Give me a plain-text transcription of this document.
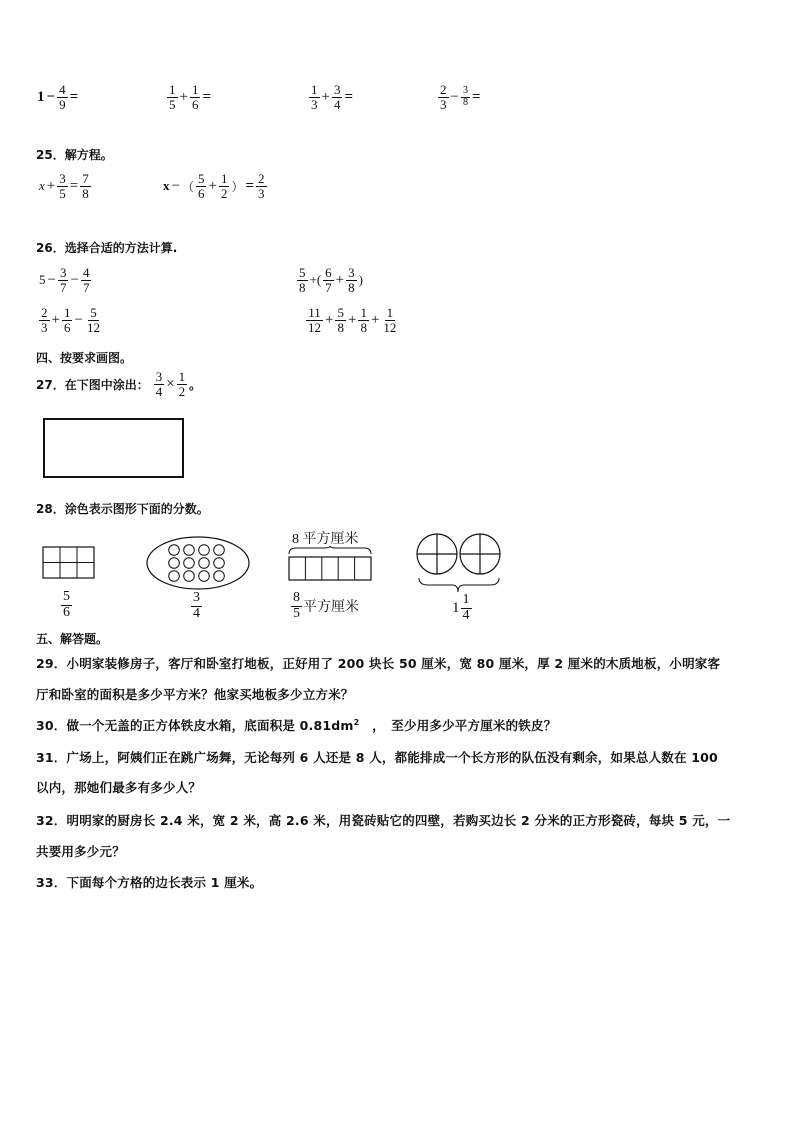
$1 - \frac{4}{9}$ =	$\frac{1}{5} + \frac{1}{6}$ =	$\frac{1}{3} + \frac{3}{4}$ =	$\frac{2}{3} - \frac{3}{8}$ =
25．解方程。
$x + \frac{3}{5} = \frac{7}{8}$	x − （ $\frac{5}{6} + \frac{1}{2}$ ） = $\frac{2}{3}$
26．选择合适的方法计算.
$5 - \frac{3}{7} - \frac{4}{7}$	$\frac{5}{8}$ +( $\frac{6}{7} + \frac{3}{8}$ )
$\frac{2}{3} + \frac{1}{6} - \frac{5}{12}$	$\frac{11}{12} + \frac{5}{8} + \frac{1}{8} + \frac{1}{12}$
四、按要求画图。
27．在下图中涂出： $\frac{3}{4} \times \frac{1}{2}$ 。
28．涂色表示图形下面的分数。
$\frac{5}{6}$	$\frac{3}{4}$
8 平方厘米
$\frac{8}{5}$ 平方厘米	$1 \frac{1}{4}$
五、解答题。
29．小明家装修房子，客厅和卧室打地板，正好用了 200 块长 50 厘米，宽 80 厘米，厚 2 厘米的木质地板，小明家客
厅和卧室的面积是多少平方米？他家买地板多少立方米？
30．做一个无盖的正方体铁皮水箱，底面积是 $0.81dm^2$　，　至少用多少平方厘米的铁皮？
31．广场上，阿姨们正在跳广场舞，无论每列 6 人还是 8 人，都能排成一个长方形的队伍没有剩余，如果总人数在 100
以内，那她们最多有多少人？
32．明明家的厨房长 2.4 米，宽 2 米，高 2.6 米，用瓷砖贴它的四壁，若购买边长 2 分米的正方形瓷砖，每块 5 元，一
共要用多少元？
33．下面每个方格的边长表示 1 厘米。
